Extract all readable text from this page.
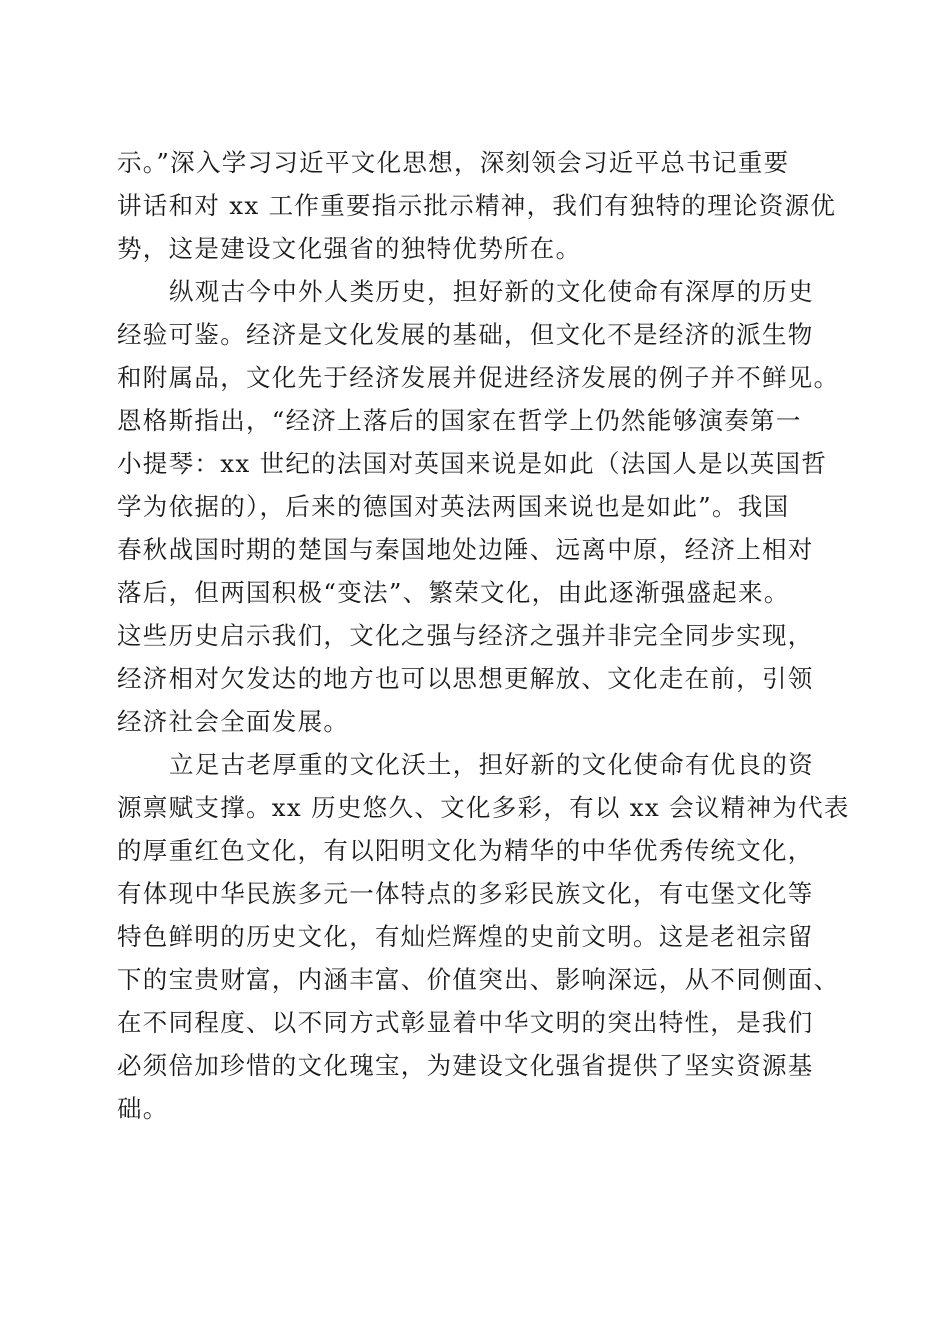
示。”深入学习习近平文化思想，深刻领会习近平总书记重要
讲话和对 xx 工作重要指示批示精神，我们有独特的理论资源优
势，这是建设文化强省的独特优势所在。
纵观古今中外人类历史，担好新的文化使命有深厚的历史
经验可鉴。经济是文化发展的基础，但文化不是经济的派生物
和附属品，文化先于经济发展并促进经济发展的例子并不鲜见。
恩格斯指出，“经济上落后的国家在哲学上仍然能够演奏第一
小提琴：xx 世纪的法国对英国来说是如此（法国人是以英国哲
学为依据的），后来的德国对英法两国来说也是如此”。我国
春秋战国时期的楚国与秦国地处边陲、远离中原，经济上相对
落后，但两国积极“变法”、繁荣文化，由此逐渐强盛起来。
这些历史启示我们，文化之强与经济之强并非完全同步实现，
经济相对欠发达的地方也可以思想更解放、文化走在前，引领
经济社会全面发展。
立足古老厚重的文化沃土，担好新的文化使命有优良的资
源禀赋支撑。xx 历史悠久、文化多彩，有以 xx 会议精神为代表
的厚重红色文化，有以阳明文化为精华的中华优秀传统文化，
有体现中华民族多元一体特点的多彩民族文化，有屯堡文化等
特色鲜明的历史文化，有灿烂辉煌的史前文明。这是老祖宗留
下的宝贵财富，内涵丰富、价值突出、影响深远，从不同侧面、
在不同程度、以不同方式彰显着中华文明的突出特性，是我们
必须倍加珍惜的文化瑰宝，为建设文化强省提供了坚实资源基
础。
